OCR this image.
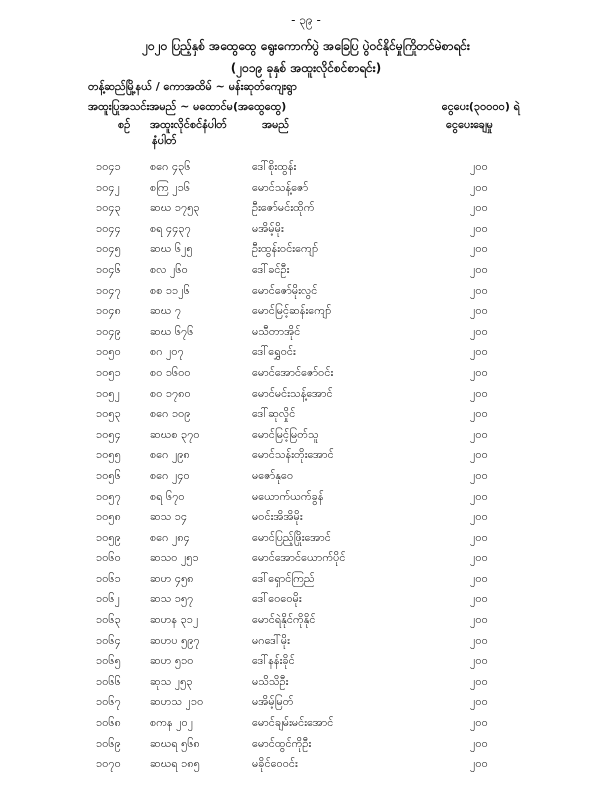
- ၃၉ -
၂၀၂၀ ပြည့်နှစ် အထွေထွေ ရွေးကောက်ပွဲ အခြေပြ ပွဲဝင်နိုင်မှုကြိုတင်မဲစာရင်း
(၂၀၁၉ ခုနှစ် အထူးလိုင်စင်စာရင်း)
တန့်ဆည်မြို့နယ် / ကောအထိမ် ~ မန်းဆုတ်ကျေးရွာ
အထူးပြုအသင်းအမည် ~ မထောင်မ(အထွေထွေ)	ငွေပေး(၃၀၀၀၀) ရဲ
စဉ် အထူးလိုင်စင်နံပါတ်	အမည်	ငွေပေးချေမှု
နံပါတ်
၁၀၄၁	စဂေ ၄၃၆	ဒေါ်စိုးထွန်း	၂၀၀
၁၀၄၂	စကြ ၂၁၆	မောင်သန့်ဇော်	၂၀၀
၁၀၄၃	ဆဃ ၁၇၅၃	ဦးဇော်မင်းထိုက်	၂၀၀
၁၀၄၄	စရ ၄၄၃၇	မအိမ့်မိုး	၂၀၀
၁၀၄၅	ဆဃ ၆၂၅	ဦးထွန်းဝင်းကျော်	၂၀၀
၁၀၄၆	စလ ၂၆၀	ဒေါ်ခင်ဦး	၂၀၀
၁၀၄၇	စစ ၁၁၂၆	မောင်ဇော်မိုးလွင်	၂၀၀
၁၀၄၈	ဆဃ ၇	မောင်မြင့်ဆန်းကျော်	၂၀၀
၁၀၄၉	ဆဃ ၆၇၆	မသီတာအိုင်	၂၀၀
၁၀၅၀	စဂ ၂၀၇	ဒေါ်ရွှေဝင်း	၂၀၀
၁၀၅၁	စဝ ၁၆၀၀	မောင်အောင်ဇော်ဝင်း	၂၀၀
၁၀၅၂	စဝ ၁၇၈၀	မောင်မင်းသန့်အောင်	၂၀၀
၁၀၅၃	စဂေ ၁၀၉	ဒေါ်ဆုလှိုင်	၂၀၀
၁၀၅၄	ဆဃစ ၃၇၀	မောင်မြင့်မြတ်သူ	၂၀၀
၁၀၅၅	စဂေ ၂၉၈	မောင်သန်းတိုးအောင်	၂၀၀
၁၀၅၆	စဂေ ၂၄၀	မဇော်နုဝေ	၂၀၀
၁၀၅၇	စရ ၆၇၀	မယောက်ယက်ခွန်	၂၀၀
၁၀၅၈	ဆသ ၁၄	မဝင်းအိအိမိုး	၂၀၀
၁၀၅၉	စဂေ ၂၈၄	မောင်ပြည့်ဖြိုးအောင်	၂၀၀
၁၀၆၀	ဆသဝ ၂၅၁	မောင်အောင်ယောက်ပိုင်	၂၀၀
၁၀၆၁	ဆဟ ၄၅၈	ဒေါ်ရှောင်ကြည်	၂၀၀
၁၀၆၂	ဆသ ၁၅၇	ဒေါ်ဝေဝေမိုး	၂၀၀
၁၀၆၃	ဆဟန ၃၁၂	မောင်ရဲနိုင်ကိုနိုင်	၂၀၀
၁၀၆၄	ဆဟပ ၅၉၇	မဂဒေါ်မိုး	၂၀၀
၁၀၆၅	ဆဟ ၅၁၀	ဒေါ်နန်းခိုင်	၂၀၀
၁၀၆၆	ဆုသ ၂၅၃	မသိသိဦး	၂၀၀
၁၀၆၇	ဆဟသ ၂၁၀	မအိမ့်မြတ်	၂၀၀
၁၀၆၈	စကန ၂၀၂	မောင်ချမ်းမင်းအောင်	၂၀၀
၁၀၆၉	ဆဃရ ၅၆၈	မောင်ထွင်ကိုဦး	၂၀၀
၁၀၇၀	ဆဃရ ၁၈၅	မခိုင်ဝေဝင်း	၂၀၀
